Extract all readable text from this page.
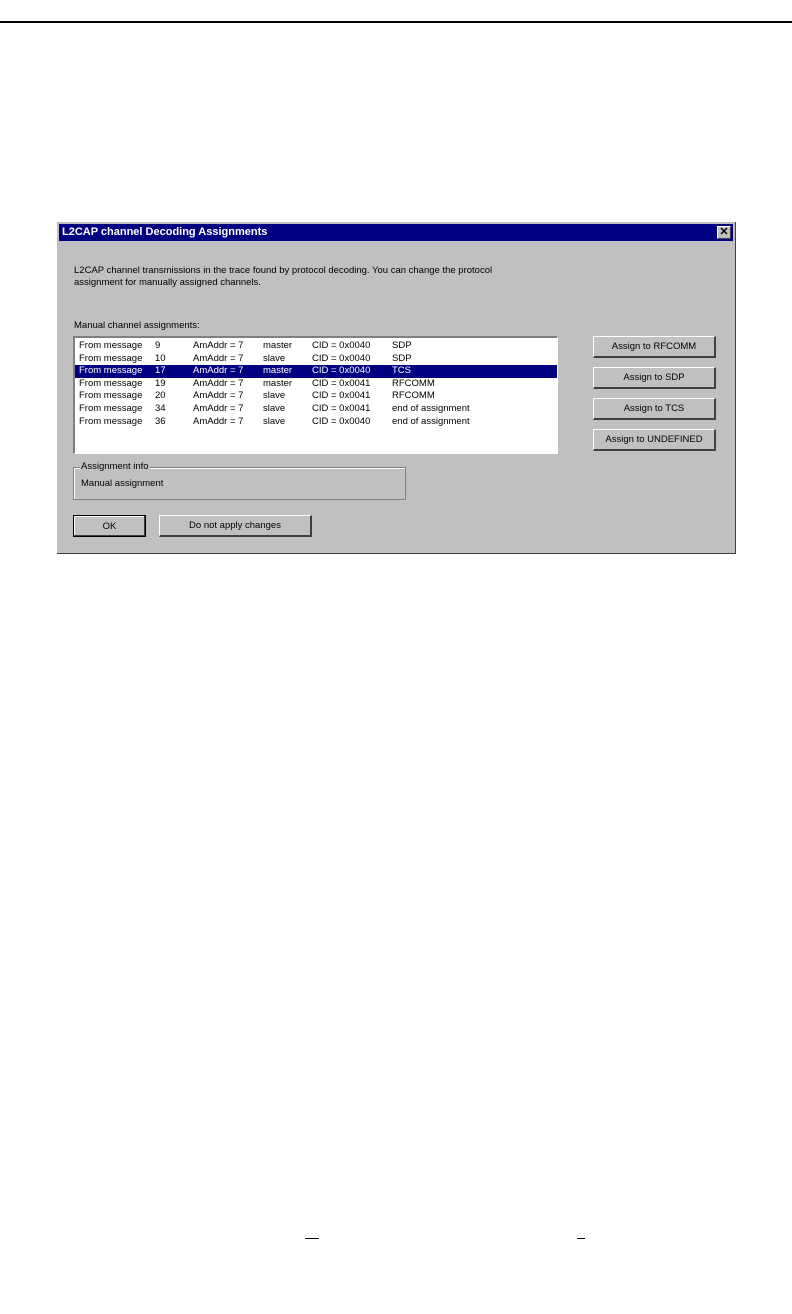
L2CAP channel Decoding Assignments	✕
L2CAP channel transmissions in the trace found by protocol decoding. You can change the protocol assignment for manually assigned channels.
Manual channel assignments:
From message 9	AmAddr = 7 master CID = 0x0040 SDP
From message 10	AmAddr = 7 slave	CID = 0x0040 SDP
From message 17	AmAddr = 7 master CID = 0x0040 TCS
From message 19	AmAddr = 7 master CID = 0x0041 RFCOMM
From message 20	AmAddr = 7 slave	CID = 0x0041 RFCOMM
From message 34	AmAddr = 7 slave	CID = 0x0041 end of assignment
From message 36	AmAddr = 7 slave	CID = 0x0040 end of assignment
Assign to RFCOMM
Assign to SDP
Assign to TCS
Assign to UNDEFINED
Assignment info
Manual assignment
OK	Do not apply changes
